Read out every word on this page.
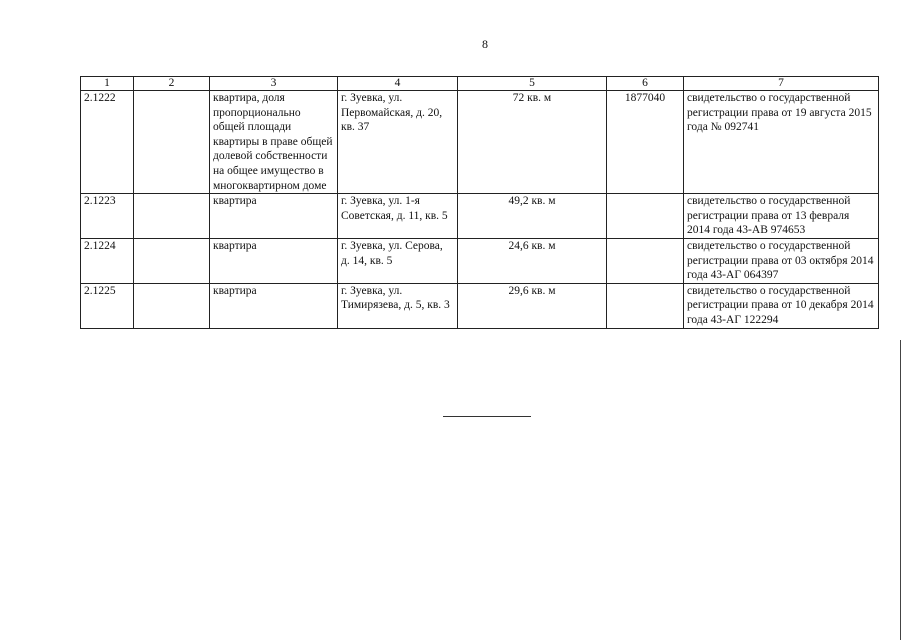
8
1	2	3	4	5	6	7
2.1222		квартира, доля пропорционально общей площади квартиры в праве общей долевой собственности на общее имущество в многоквартирном доме	г. Зуевка, ул. Первомайская, д. 20, кв. 37	72 кв. м	1877040	свидетельство о государственной регистрации права от 19 августа 2015 года № 092741
2.1223		квартира	г. Зуевка, ул. 1-я Советская, д. 11, кв. 5	49,2 кв. м		свидетельство о государственной регистрации права от 13 февраля 2014 года 43-АВ 974653
2.1224		квартира	г. Зуевка, ул. Серова, д. 14, кв. 5	24,6 кв. м		свидетельство о государственной регистрации права от 03 октября 2014 года 43-АГ 064397
2.1225		квартира	г. Зуевка, ул. Тимирязева, д. 5, кв. 3	29,6 кв. м		свидетельство о государственной регистрации права от 10 декабря 2014 года 43-АГ 122294
